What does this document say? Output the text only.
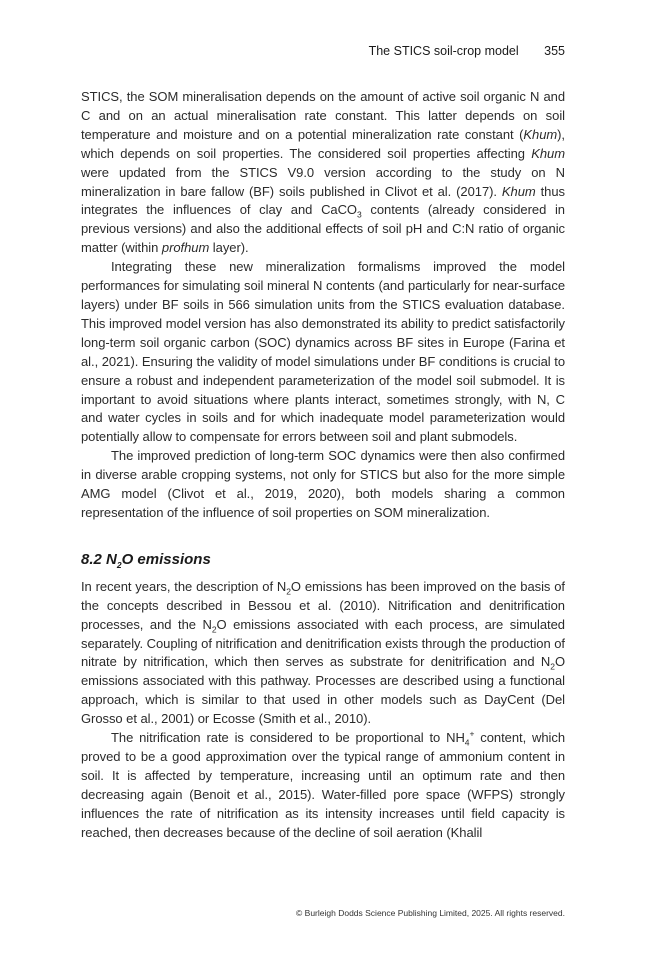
The STICS soil-crop model 355

STICS, the SOM mineralisation depends on the amount of active soil organic N and C and on an actual mineralisation rate constant. This latter depends on soil temperature and moisture and on a potential mineralization rate constant (Khum), which depends on soil properties. The considered soil properties affecting Khum were updated from the STICS V9.0 version according to the study on N mineralization in bare fallow (BF) soils published in Clivot et al. (2017). Khum thus integrates the influences of clay and CaCO$_3$ contents (already considered in previous versions) and also the additional effects of soil pH and C:N ratio of organic matter (within profhum layer).

Integrating these new mineralization formalisms improved the model performances for simulating soil mineral N contents (and particularly for near-surface layers) under BF soils in 566 simulation units from the STICS evaluation database. This improved model version has also demonstrated its ability to predict satisfactorily long-term soil organic carbon (SOC) dynamics across BF sites in Europe (Farina et al., 2021). Ensuring the validity of model simulations under BF conditions is crucial to ensure a robust and independent parameterization of the model soil submodel. It is important to avoid situations where plants interact, sometimes strongly, with N, C and water cycles in soils and for which inadequate model parameterization would potentially allow to compensate for errors between soil and plant submodels.

The improved prediction of long-term SOC dynamics were then also confirmed in diverse arable cropping systems, not only for STICS but also for the more simple AMG model (Clivot et al., 2019, 2020), both models sharing a common representation of the influence of soil properties on SOM mineralization.

8.2 $N_2O$ emissions

In recent years, the description of $N_2O$ emissions has been improved on the basis of the concepts described in Bessou et al. (2010). Nitrification and denitrification processes, and the $N_2O$ emissions associated with each process, are simulated separately. Coupling of nitrification and denitrification exists through the production of nitrate by nitrification, which then serves as substrate for denitrification and $N_2O$ emissions associated with this pathway. Processes are described using a functional approach, which is similar to that used in other models such as DayCent (Del Grosso et al., 2001) or Ecosse (Smith et al., 2010).

The nitrification rate is considered to be proportional to $NH_4^+$ content, which proved to be a good approximation over the typical range of ammonium content in soil. It is affected by temperature, increasing until an optimum rate and then decreasing again (Benoit et al., 2015). Water-filled pore space (WFPS) strongly influences the rate of nitrification as its intensity increases until field capacity is reached, then decreases because of the decline of soil aeration (Khalil

© Burleigh Dodds Science Publishing Limited, 2025. All rights reserved.
